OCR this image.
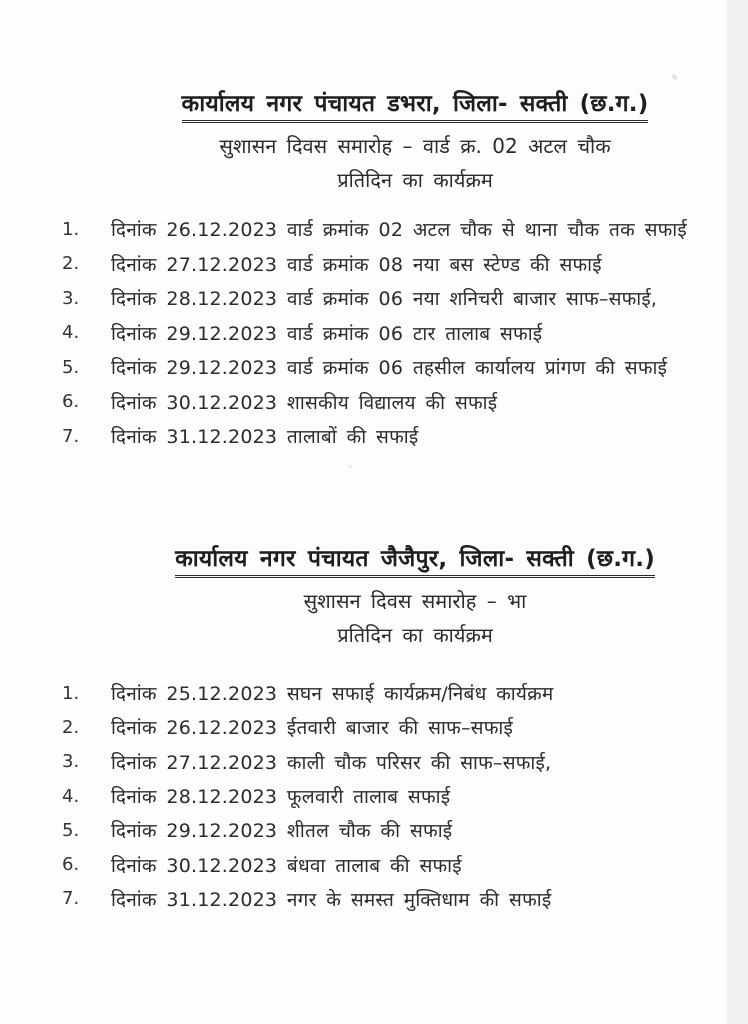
कार्यालय नगर पंचायत डभरा, जिला- सक्ती (छ.ग.)
सुशासन दिवस समारोह – वार्ड क्र. 02 अटल चौक
प्रतिदिन का कार्यक्रम
1.	दिनांक 26.12.2023 वार्ड क्रमांक 02 अटल चौक से थाना चौक तक सफाई
2.	दिनांक 27.12.2023 वार्ड क्रमांक 08 नया बस स्टेण्ड की सफाई
3.	दिनांक 28.12.2023 वार्ड क्रमांक 06 नया शनिचरी बाजार साफ–सफाई,
4.	दिनांक 29.12.2023 वार्ड क्रमांक 06 टार तालाब सफाई
5.	दिनांक 29.12.2023 वार्ड क्रमांक 06 तहसील कार्यालय प्रांगण की सफाई
6.	दिनांक 30.12.2023 शासकीय विद्यालय की सफाई
7.	दिनांक 31.12.2023 तालाबों की सफाई
कार्यालय नगर पंचायत जैजैपुर, जिला- सक्ती (छ.ग.)
सुशासन दिवस समारोह – भा
प्रतिदिन का कार्यक्रम
1.	दिनांक 25.12.2023 सघन सफाई कार्यक्रम/निबंध कार्यक्रम
2.	दिनांक 26.12.2023 ईतवारी बाजार की साफ–सफाई
3.	दिनांक 27.12.2023 काली चौक परिसर की साफ–सफाई,
4.	दिनांक 28.12.2023 फूलवारी तालाब सफाई
5.	दिनांक 29.12.2023 शीतल चौक की सफाई
6.	दिनांक 30.12.2023 बंधवा तालाब की सफाई
7.	दिनांक 31.12.2023 नगर के समस्त मुक्तिधाम की सफाई
